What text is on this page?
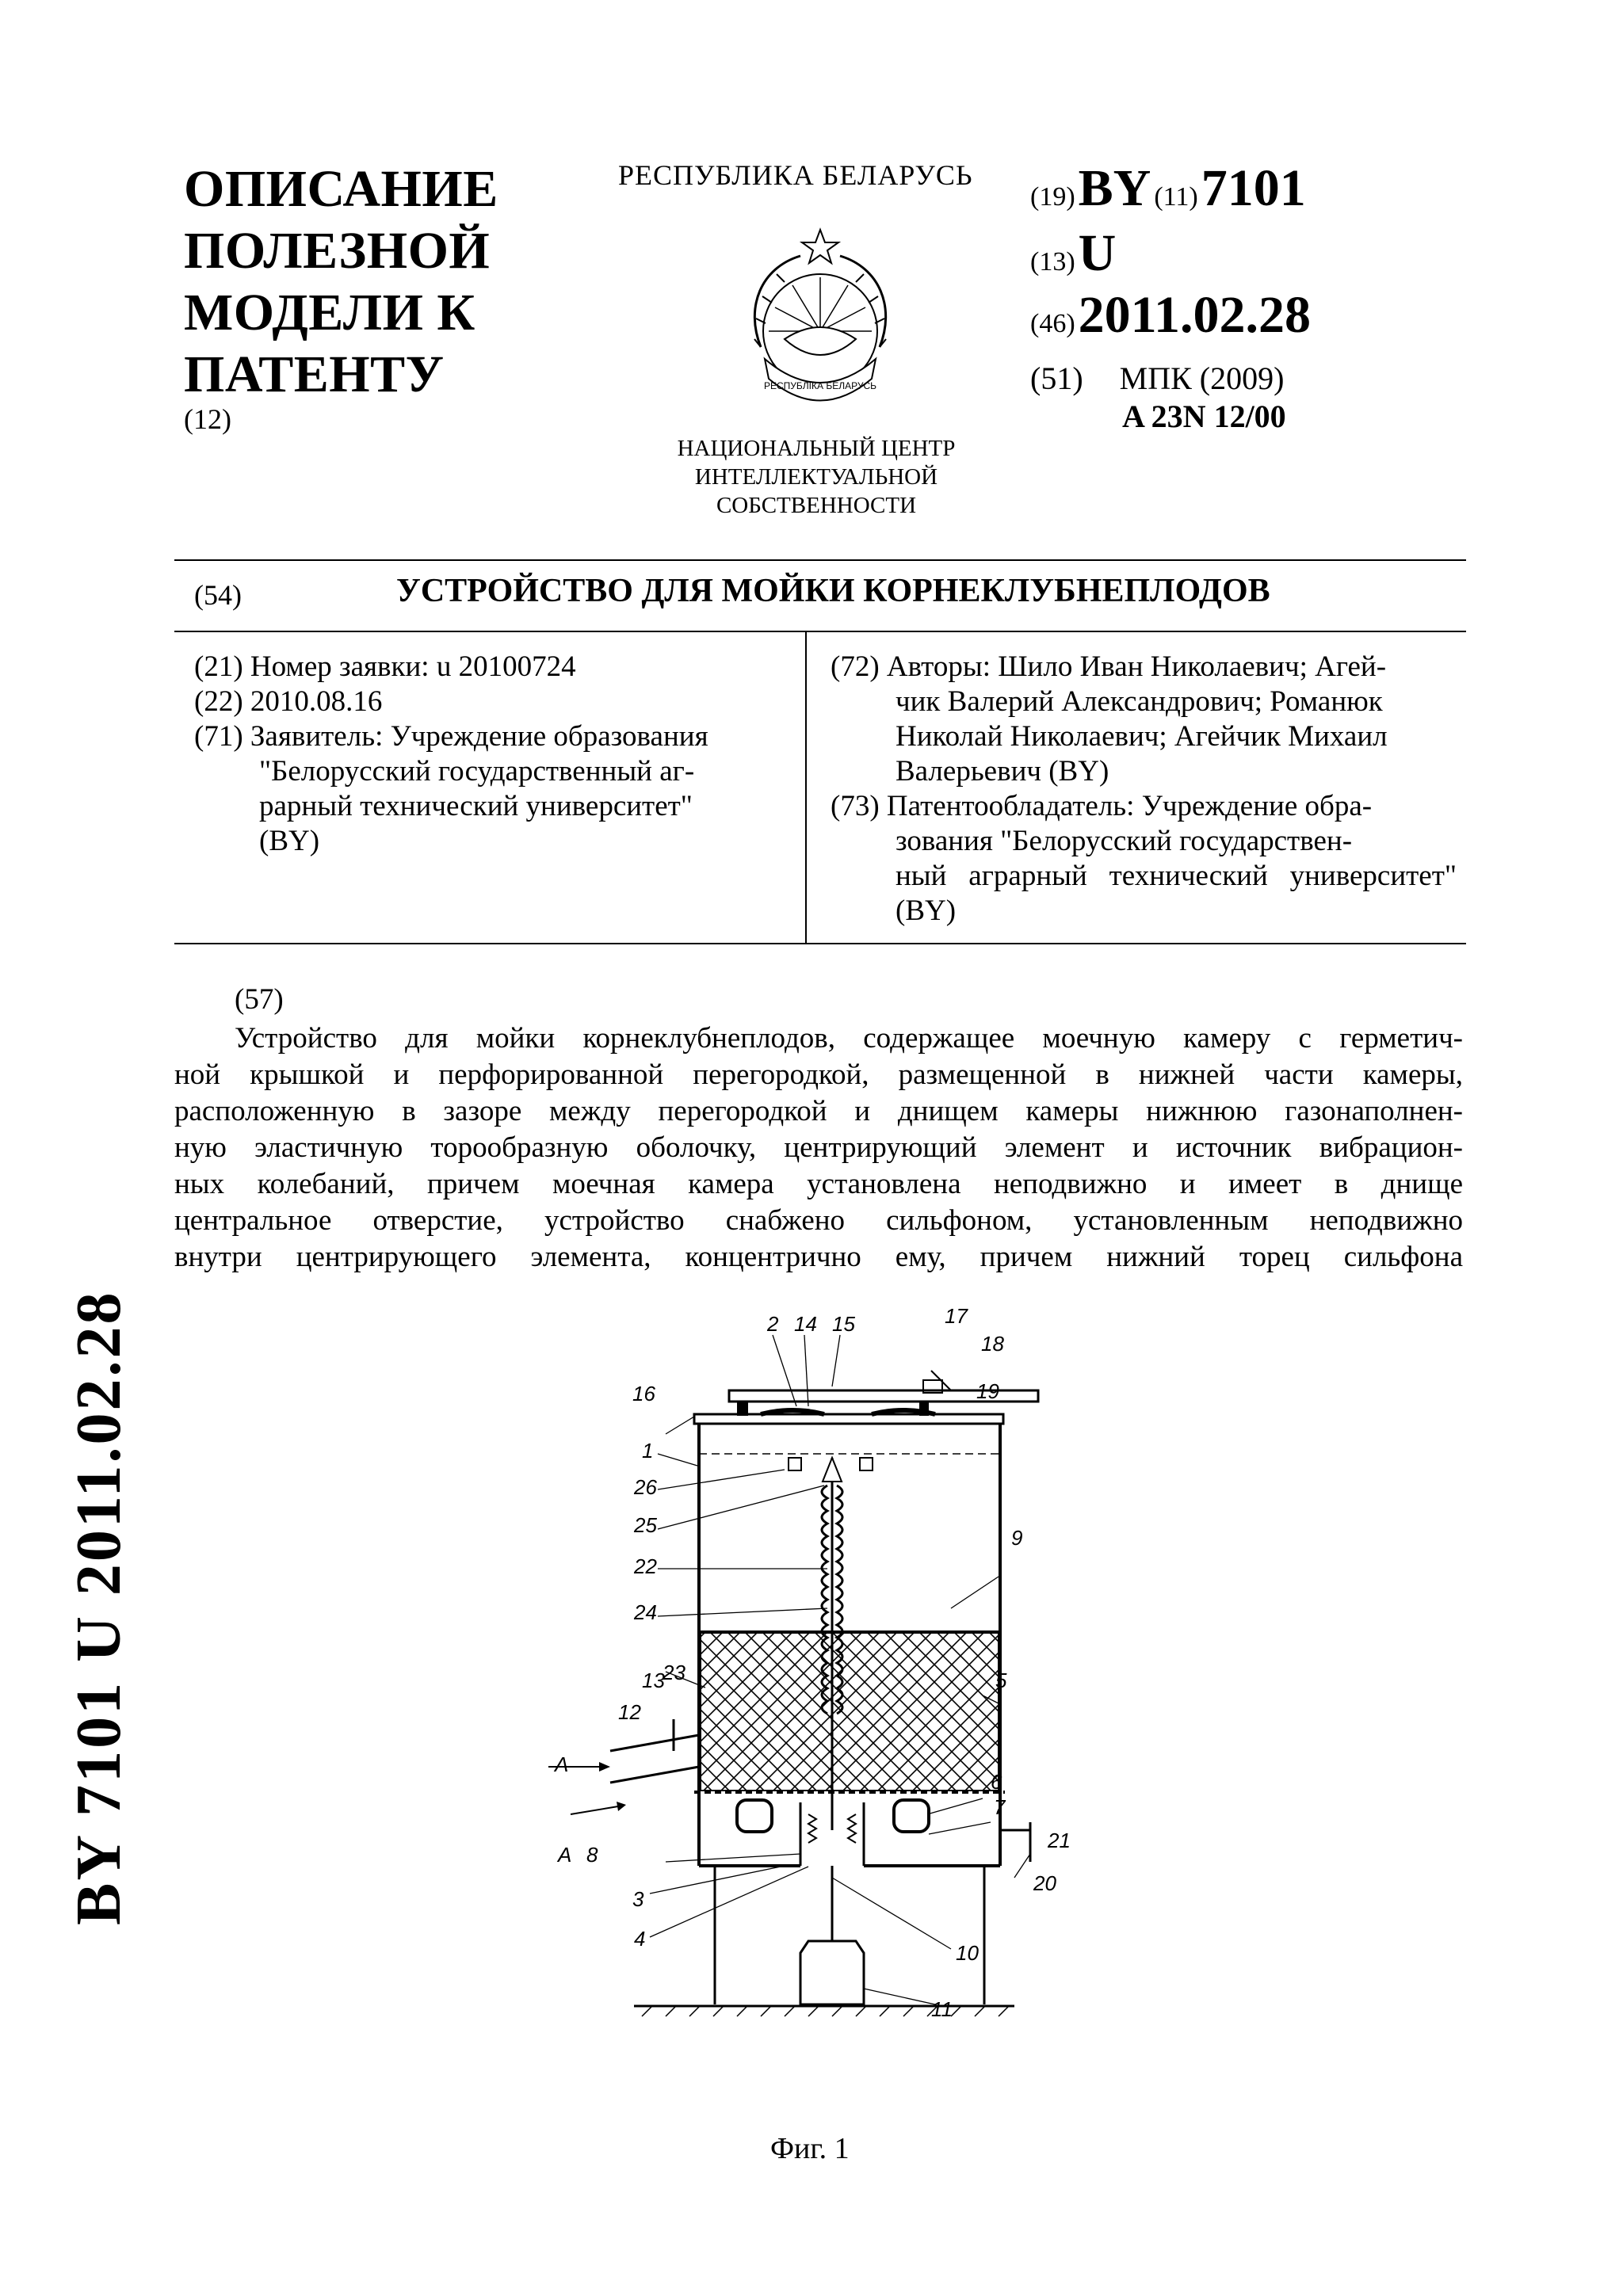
ОПИСАНИЕ
ПОЛЕЗНОЙ
МОДЕЛИ К
ПАТЕНТУ
(12)
РЕСПУБЛИКА БЕЛАРУСЬ
РЕСПУБЛІКА БЕЛАРУСЬ
НАЦИОНАЛЬНЫЙ ЦЕНТР
ИНТЕЛЛЕКТУАЛЬНОЙ
СОБСТВЕННОСТИ
(19) BY (11) 7101
(13) U
(46) 2011.02.28
(51) МПК (2009)
A 23N 12/00
(54)	УСТРОЙСТВО ДЛЯ МОЙКИ КОРНЕКЛУБНЕПЛОДОВ
(21) Номер заявки: u 20100724
(22) 2010.08.16
(71) Заявитель: Учреждение образования
"Белорусский государственный аг-
рарный технический университет"
(BY)
(72) Авторы: Шило Иван Николаевич; Агей-
чик Валерий Александрович; Романюк
Николай Николаевич; Агейчик Михаил
Валерьевич (BY)
(73) Патентообладатель: Учреждение обра-
зования "Белорусский государствен-
ный аграрный технический университет" (BY)
(57)
Устройство для мойки корнеклубнеплодов, содержащее моечную камеру с герметич-
ной крышкой и перфорированной перегородкой, размещенной в нижней части камеры,
расположенную в зазоре между перегородкой и днищем камеры нижнюю газонаполнен-
ную эластичную торообразную оболочку, центрирующий элемент и источник вибрацион-
ных колебаний, причем моечная камера установлена неподвижно и имеет в днище
центральное отверстие, устройство снабжено сильфоном, установленным неподвижно
внутри центрирующего элемента, концентрично ему, причем нижний торец сильфона
2 14 15	17
18
16	19
1
26
25
22
24
23
9
5
13
12
A
6
7
A 8
21
3
20
4
10
11
Фиг. 1
BY 7101 U 2011.02.28
